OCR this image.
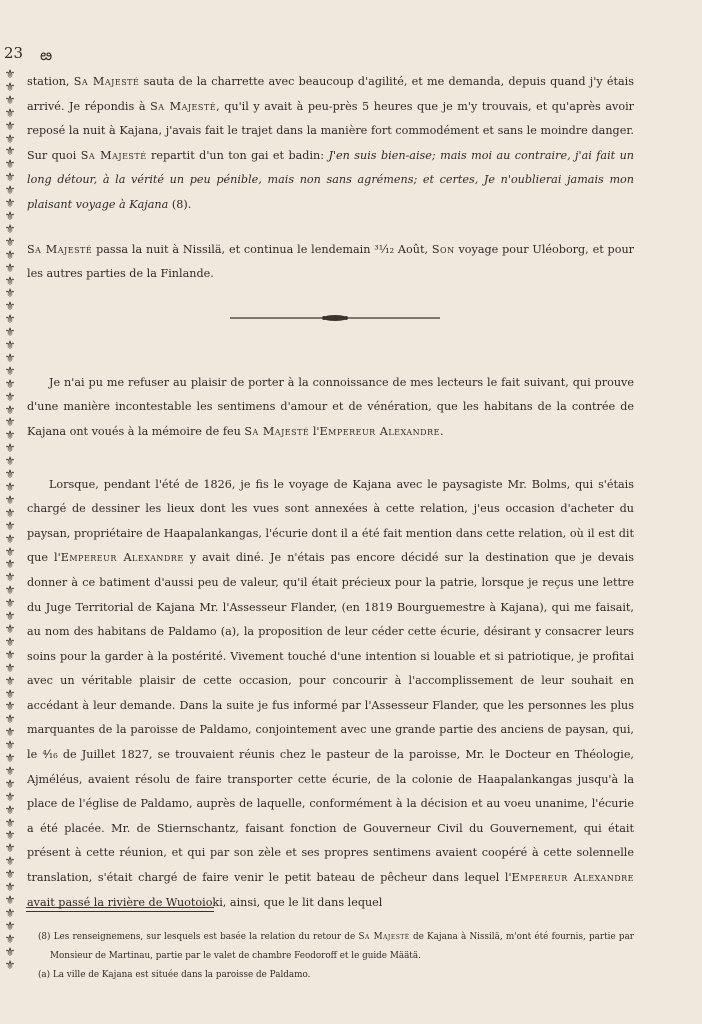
23 ఴ
⚜⚜⚜⚜⚜⚜⚜⚜⚜⚜⚜⚜⚜⚜⚜⚜⚜⚜⚜⚜⚜⚜⚜⚜⚜⚜⚜⚜⚜⚜⚜⚜⚜⚜⚜⚜⚜⚜⚜⚜⚜⚜⚜⚜⚜⚜⚜⚜⚜⚜⚜⚜⚜⚜⚜⚜⚜⚜⚜⚜⚜⚜⚜⚜⚜⚜⚜⚜⚜⚜

station, Sa Majesté sauta de la charrette avec beaucoup d'agilité, et me demanda, depuis quand j'y étais arrivé. Je répondis à Sa Majesté, qu'il y avait à peu-près 5 heures que je m'y trouvais, et qu'après avoir reposé la nuit à Kajana, j'avais fait le trajet dans la manière fort commodément et sans le moindre danger. Sur quoi Sa Majesté repartit d'un ton gai et badin: J'en suis bien-aise; mais moi au contraire, j'ai fait un long détour, à la vérité un peu pénible, mais non sans agrémens; et certes, Je n'oublierai jamais mon plaisant voyage à Kajana (8).

Sa Majesté passa la nuit à Nissilä, et continua le lendemain ³¹⁄₁₂ Août, Son voyage pour Uléoborg, et pour les autres parties de la Finlande.

Je n'ai pu me refuser au plaisir de porter à la connoissance de mes lecteurs le fait suivant, qui prouve d'une manière incontestable les sentimens d'amour et de vénération, que les habitans de la contrée de Kajana ont voués à la mémoire de feu Sa Majesté l'Empereur Alexandre.

Lorsque, pendant l'été de 1826, je fis le voyage de Kajana avec le paysagiste Mr. Bolms, qui s'étais chargé de dessiner les lieux dont les vues sont annexées à cette relation, j'eus occasion d'acheter du paysan, propriétaire de Haapalankangas, l'écurie dont il a été fait mention dans cette relation, où il est dit que l'Empereur Alexandre y avait diné. Je n'étais pas encore décidé sur la destination que je devais donner à ce batiment d'aussi peu de valeur, qu'il était précieux pour la patrie, lorsque je reçus une lettre du Juge Territorial de Kajana Mr. l'Assesseur Flander, (en 1819 Bourguemestre à Kajana), qui me faisait, au nom des habitans de Paldamo (a), la proposition de leur céder cette écurie, désirant y consacrer leurs soins pour la garder à la postérité. Vivement touché d'une intention si louable et si patriotique, je profitai avec un véritable plaisir de cette occasion, pour concourir à l'accomplissement de leur souhait en accédant à leur demande. Dans la suite je fus informé par l'Assesseur Flander, que les personnes les plus marquantes de la paroisse de Paldamo, conjointement avec une grande partie des anciens de paysan, qui, le ⁴⁄₁₆ de Juillet 1827, se trouvaient réunis chez le pasteur de la paroisse, Mr. le Docteur en Théologie, Ajméléus, avaient résolu de faire transporter cette écurie, de la colonie de Haapalankangas jusqu'à la place de l'église de Paldamo, auprès de laquelle, conformément à la décision et au voeu unanime, l'écurie a été placée. Mr. de Stiernschantz, faisant fonction de Gouverneur Civil du Gouvernement, qui était présent à cette réunion, et qui par son zèle et ses propres sentimens avaient coopéré à cette solennelle translation, s'était chargé de faire venir le petit bateau de pêcheur dans lequel l'Empereur Alexandre avait passé la rivière de Wuotoioki, ainsi, que le lit dans lequel

(8) Les renseignemens, sur lesquels est basée la relation du retour de Sa Majesté de Kajana à Nissilä, m'ont été fournis, partie par Monsieur de Martinau, partie par le valet de chambre Feodoroff et le guide Määtä.

(a) La ville de Kajana est située dans la paroisse de Paldamo.
